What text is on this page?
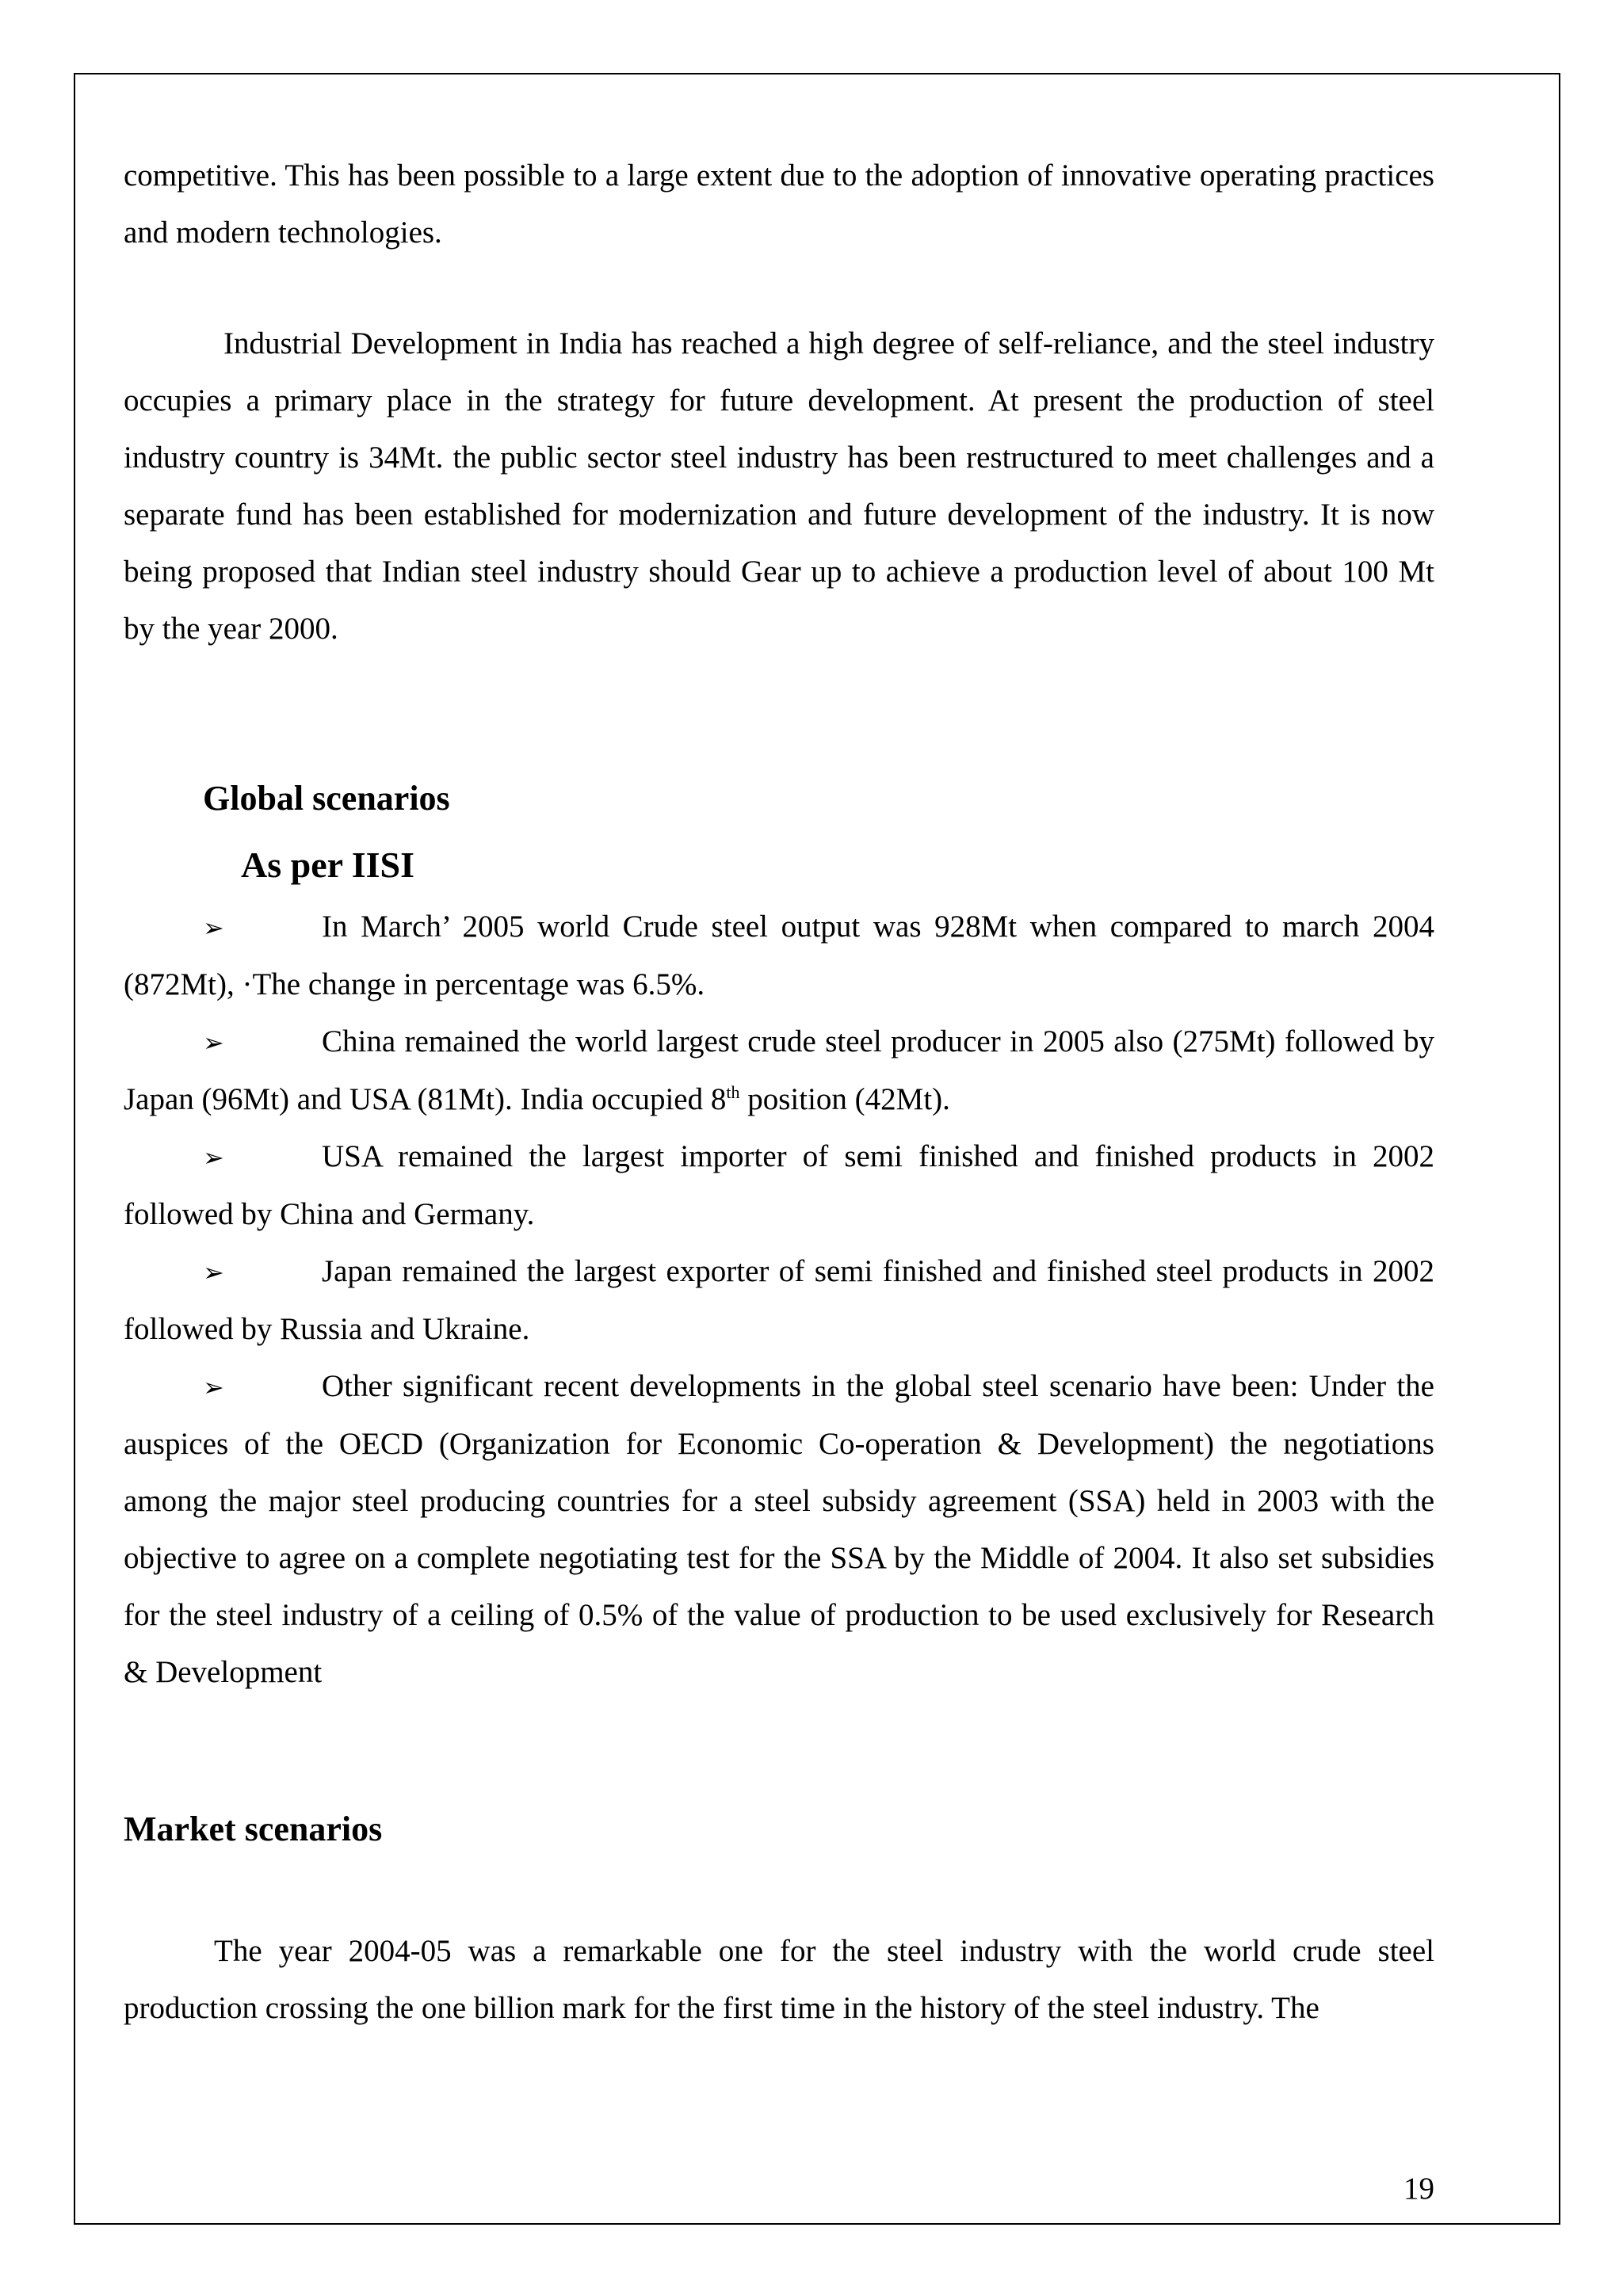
competitive. This has been possible to a large extent due to the adoption of innovative operating practices and modern technologies.

Industrial Development in India has reached a high degree of self-reliance, and the steel industry occupies a primary place in the strategy for future development. At present the production of steel industry country is 34Mt. the public sector steel industry has been restructured to meet challenges and a separate fund has been established for modernization and future development of the industry. It is now being proposed that Indian steel industry should Gear up to achieve a production level of about 100 Mt by the year 2000.

Global scenarios
As per IISI

➢	In March’ 2005 world Crude steel output was 928Mt when compared to march 2004 (872Mt), ·The change in percentage was 6.5%.

➢	China remained the world largest crude steel producer in 2005 also (275Mt) followed by Japan (96Mt) and USA (81Mt). India occupied 8th position (42Mt).

➢	USA remained the largest importer of semi finished and finished products in 2002 followed by China and Germany.

➢	Japan remained the largest exporter of semi finished and finished steel products in 2002 followed by Russia and Ukraine.

➢	Other significant recent developments in the global steel scenario have been: Under the auspices of the OECD (Organization for Economic Co-operation & Development) the negotiations among the major steel producing countries for a steel subsidy agreement (SSA) held in 2003 with the objective to agree on a complete negotiating test for the SSA by the Middle of 2004. It also set subsidies for the steel industry of a ceiling of 0.5% of the value of production to be used exclusively for Research & Development

Market scenarios

The year 2004-05 was a remarkable one for the steel industry with the world crude steel production crossing the one billion mark for the first time in the history of the steel industry. The

19
